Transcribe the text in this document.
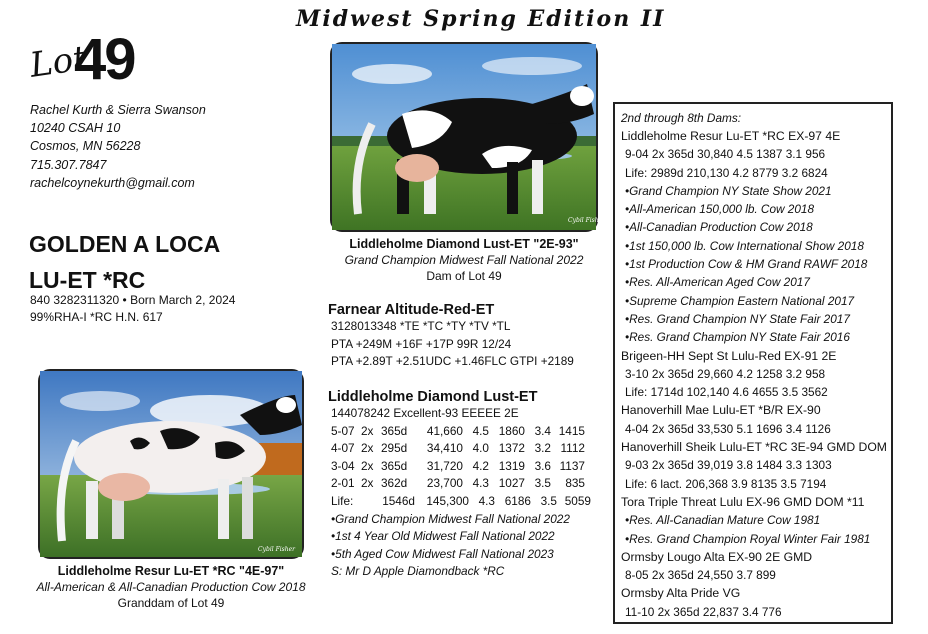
Midwest Spring Edition II
Lot
49
Rachel Kurth & Sierra Swanson
10240 CSAH 10
Cosmos, MN 56228
715.307.7847
rachelcoynekurth@gmail.com
GOLDEN A LOCA
LU-ET *RC
840 3282311320 • Born March 2, 2024
99%RHA-I *RC H.N. 617
Cybil Fisher
Liddleholme Diamond Lust-ET "2E-93"
Grand Champion Midwest Fall National 2022
Dam of Lot 49
Cybil Fisher
Liddleholme Resur Lu-ET *RC "4E-97"
All-American & All-Canadian Production Cow 2018
Granddam of Lot 49
Farnear Altitude-Red-ET
3128013348 *TE *TC *TY *TV *TL
PTA +249M +16F +17P 99R 12/24
PTA +2.89T +2.51UDC +1.46FLC GTPI +2189
Liddleholme Diamond Lust-ET
144078242 Excellent-93 EEEEE 2E
5-07 2x 365d	41,660 4.5 1860 3.4 1415
4-07 2x 295d	34,410 4.0 1372 3.2 1112
3-04 2x 365d	31,720 4.2 1319 3.6 1137
2-01 2x 362d	23,700 4.3 1027 3.5	835
Life:	1546d 145,300 4.3 6186 3.5 5059
•Grand Champion Midwest Fall National 2022
•1st 4 Year Old Midwest Fall National 2022
•5th Aged Cow Midwest Fall National 2023
S: Mr D Apple Diamondback *RC
2nd through 8th Dams:
Liddleholme Resur Lu-ET *RC EX-97 4E
9-04 2x 365d 30,840 4.5 1387 3.1 956
Life: 2989d 210,130 4.2 8779 3.2 6824
•Grand Champion NY State Show 2021
•All-American 150,000 lb. Cow 2018
•All-Canadian Production Cow 2018
•1st 150,000 lb. Cow International Show 2018
•1st Production Cow & HM Grand RAWF 2018
•Res. All-American Aged Cow 2017
•Supreme Champion Eastern National 2017
•Res. Grand Champion NY State Fair 2017
•Res. Grand Champion NY State Fair 2016
Brigeen-HH Sept St Lulu-Red EX-91 2E
3-10 2x 365d 29,660 4.2 1258 3.2 958
Life: 1714d 102,140 4.6 4655 3.5 3562
Hanoverhill Mae Lulu-ET *B/R EX-90
4-04 2x 365d 33,530 5.1 1696 3.4 1126
Hanoverhill Sheik Lulu-ET *RC 3E-94 GMD DOM
9-03 2x 365d 39,019 3.8 1484 3.3 1303
Life: 6 lact. 206,368 3.9 8135 3.5 7194
Tora Triple Threat Lulu EX-96 GMD DOM *11
•Res. All-Canadian Mature Cow 1981
•Res. Grand Champion Royal Winter Fair 1981
Ormsby Lougo Alta EX-90 2E GMD
8-05 2x 365d 24,550 3.7 899
Ormsby Alta Pride VG
11-10 2x 365d 22,837 3.4 776
